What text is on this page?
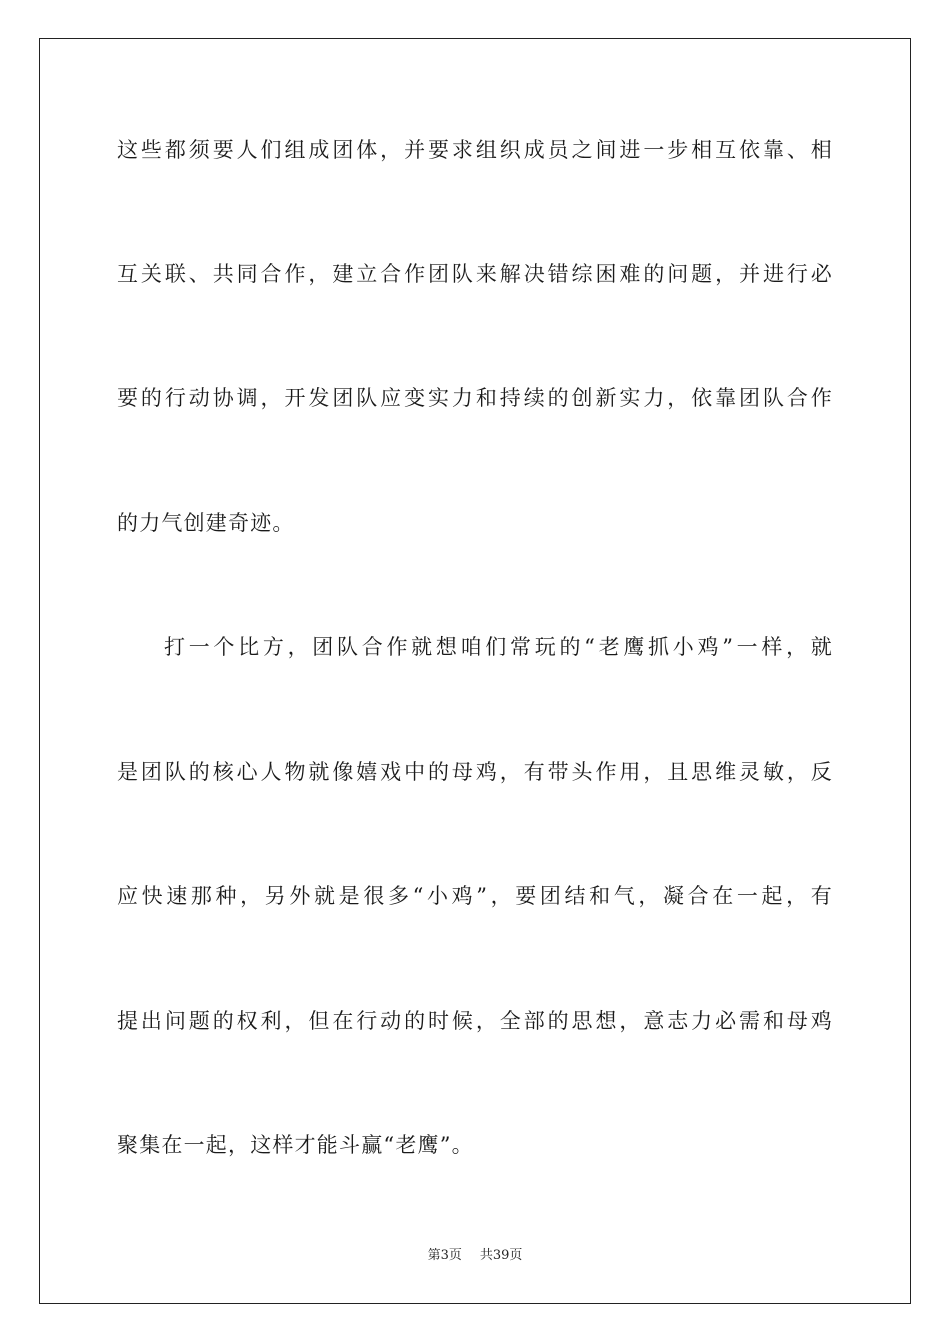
这些都须要人们组成团体，并要求组织成员之间进一步相互依靠、相

互关联、共同合作，建立合作团队来解决错综困难的问题，并进行必

要的行动协调，开发团队应变实力和持续的创新实力，依靠团队合作

的力气创建奇迹。

打一个比方，团队合作就想咱们常玩的“老鹰抓小鸡”一样，就

是团队的核心人物就像嬉戏中的母鸡，有带头作用，且思维灵敏，反

应快速那种，另外就是很多“小鸡”，要团结和气，凝合在一起，有

提出问题的权利，但在行动的时候，全部的思想，意志力必需和母鸡

聚集在一起，这样才能斗赢“老鹰”。

第3页 共39页
